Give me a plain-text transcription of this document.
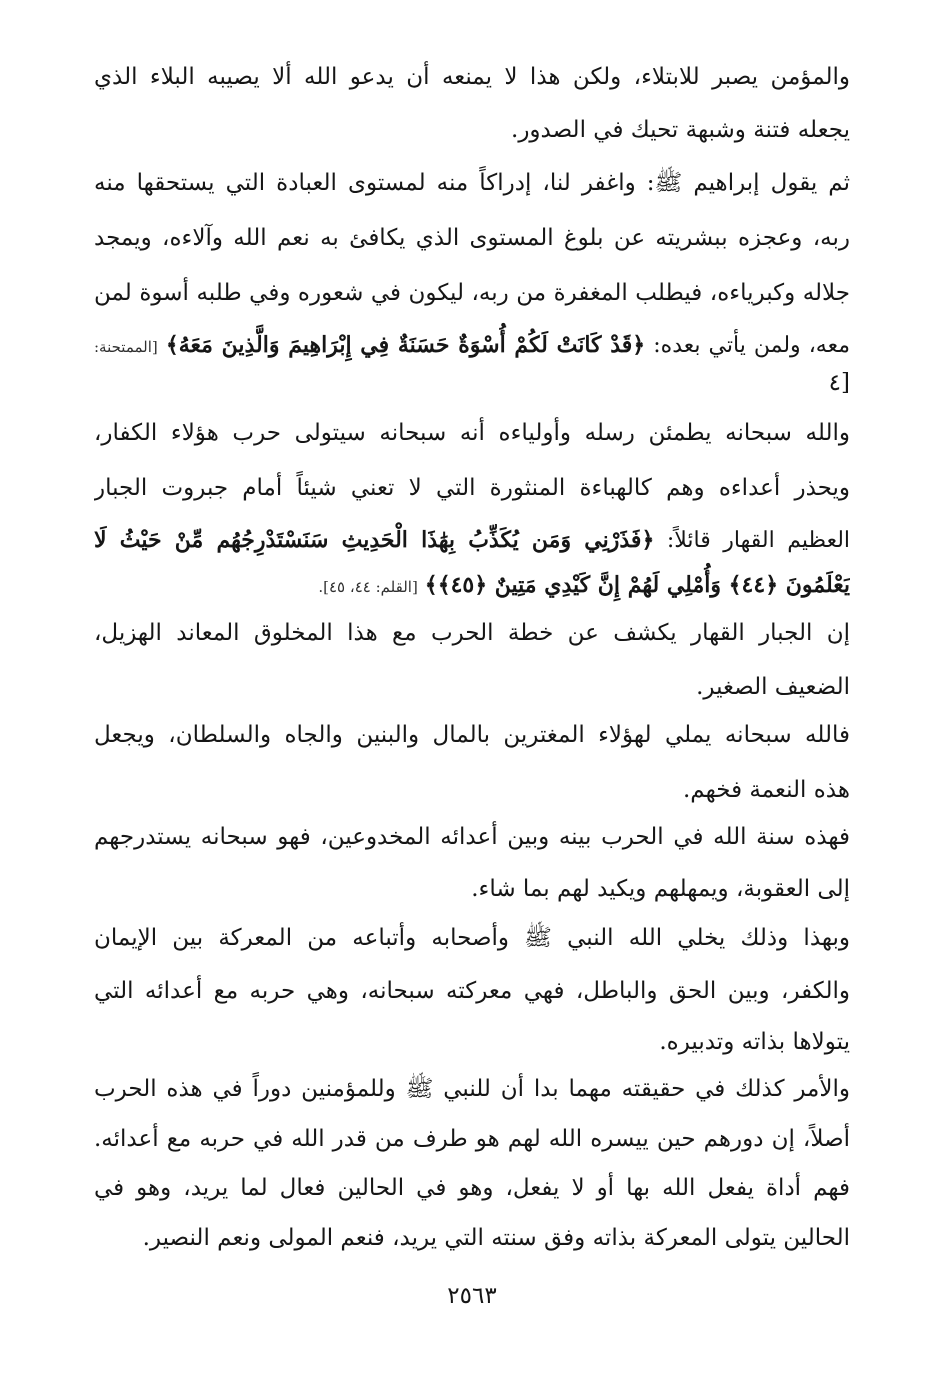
والمؤمن يصبر للابتلاء، ولكن هذا لا يمنعه أن يدعو الله ألا يصيبه البلاء الذي
يجعله فتنة وشبهة تحيك في الصدور.
ثم يقول إبراهيم ﷺ: واغفر لنا، إدراكاً منه لمستوى العبادة التي يستحقها منه
ربه، وعجزه ببشريته عن بلوغ المستوى الذي يكافئ به نعم الله وآلاءه، ويمجد
جلاله وكبرياءه، فيطلب المغفرة من ربه، ليكون في شعوره وفي طلبه أسوة لمن
معه، ولمن يأتي بعده: ﴿قَدْ كَانَتْ لَكُمْ أُسْوَةٌ حَسَنَةٌ فِي إِبْرَاهِيمَ وَالَّذِينَ مَعَهُ﴾ [الممتحنة:
[٤
والله سبحانه يطمئن رسله وأولياءه أنه سبحانه سيتولى حرب هؤلاء الكفار،
ويحذر أعداءه وهم كالهباءة المنثورة التي لا تعني شيئاً أمام جبروت الجبار
العظيم القهار قائلاً: ﴿فَذَرْنِي وَمَن يُكَذِّبُ بِهَٰذَا الْحَدِيثِ سَنَسْتَدْرِجُهُم مِّنْ حَيْثُ لَا
يَعْلَمُونَ ﴿٤٤﴾ وَأُمْلِي لَهُمْ إِنَّ كَيْدِي مَتِينٌ ﴿٤٥﴾﴾ [القلم: ٤٤، ٤٥].
إن الجبار القهار يكشف عن خطة الحرب مع هذا المخلوق المعاند الهزيل،
الضعيف الصغير.
فالله سبحانه يملي لهؤلاء المغترين بالمال والبنين والجاه والسلطان، ويجعل
هذه النعمة فخهم.
فهذه سنة الله في الحرب بينه وبين أعدائه المخدوعين، فهو سبحانه يستدرجهم
إلى العقوبة، ويمهلهم ويكيد لهم بما شاء.
وبهذا وذلك يخلي الله النبي ﷺ وأصحابه وأتباعه من المعركة بين الإيمان
والكفر، وبين الحق والباطل، فهي معركته سبحانه، وهي حربه مع أعدائه التي
يتولاها بذاته وتدبيره.
والأمر كذلك في حقيقته مهما بدا أن للنبي ﷺ وللمؤمنين دوراً في هذه الحرب
أصلاً، إن دورهم حين ييسره الله لهم هو طرف من قدر الله في حربه مع أعدائه.
فهم أداة يفعل الله بها أو لا يفعل، وهو في الحالين فعال لما يريد، وهو في
الحالين يتولى المعركة بذاته وفق سنته التي يريد، فنعم المولى ونعم النصير.
٢٥٦٣
